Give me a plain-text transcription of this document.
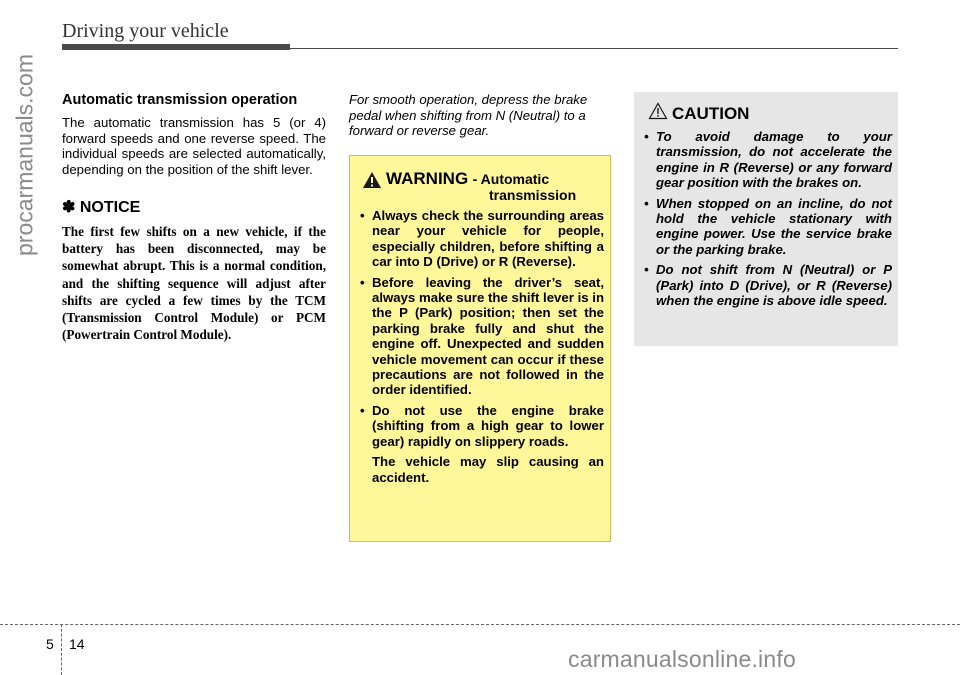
Driving your vehicle
procarmanuals.com Automatic transmission operation

The automatic transmission has 5 (or 4) forward speeds and one reverse speed. The individual speeds are selected automatically, depending on the position of the shift lever.

✽ NOTICE

The first few shifts on a new vehicle, if the battery has been disconnected, may be somewhat abrupt. This is a normal condition, and the shifting sequence will adjust after shifts are cycled a few times by the TCM (Transmission Control Module) or PCM (Powertrain Control Module).

For smooth operation, depress the brake pedal when shifting from N (Neutral) to a forward or reverse gear.

WARNING - Automatic
transmission
• Always check the surrounding areas near your vehicle for people, especially children, before shifting a car into D (Drive) or R (Reverse).
• Before leaving the driver’s seat, always make sure the shift lever is in the P (Park) position; then set the parking brake fully and shut the engine off. Unexpected and sudden vehicle movement can occur if these precautions are not followed in the order identified.
• Do not use the engine brake (shifting from a high gear to lower gear) rapidly on slippery roads.
The vehicle may slip causing an accident.
CAUTION
• To avoid damage to your transmission, do not accelerate the engine in R (Reverse) or any forward gear position with the brakes on.
• When stopped on an incline, do not hold the vehicle stationary with engine power. Use the service brake or the parking brake.
• Do not shift from N (Neutral) or P (Park) into D (Drive), or R (Reverse) when the engine is above idle speed.
5 14
carmanualsonline.info
